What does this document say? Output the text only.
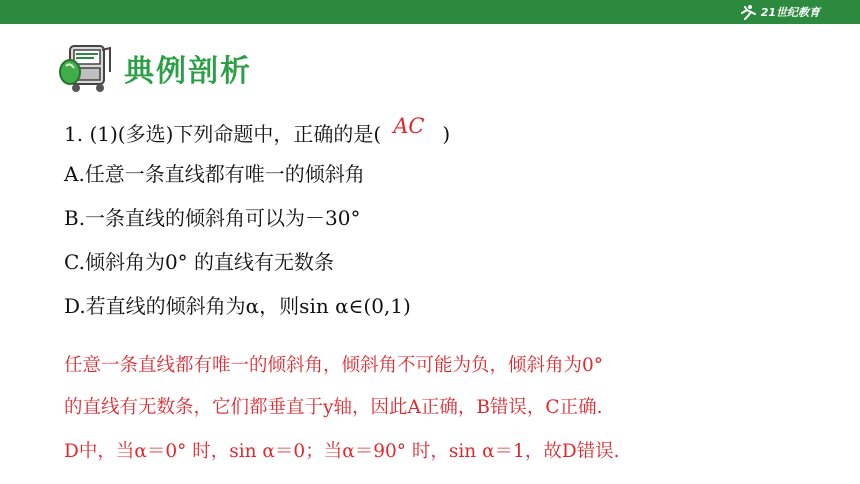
21世纪教育
典例剖析
1. (1)(多选)下列命题中，正确的是( AC )
A.任意一条直线都有唯一的倾斜角
B.一条直线的倾斜角可以为－30°
C.倾斜角为0° 的直线有无数条
D.若直线的倾斜角为α，则sin α∈(0,1)
任意一条直线都有唯一的倾斜角，倾斜角不可能为负，倾斜角为0°
的直线有无数条，它们都垂直于y轴，因此A正确，B错误，C正确.
D中，当α＝0° 时，sin α＝0；当α＝90° 时，sin α＝1，故D错误.
